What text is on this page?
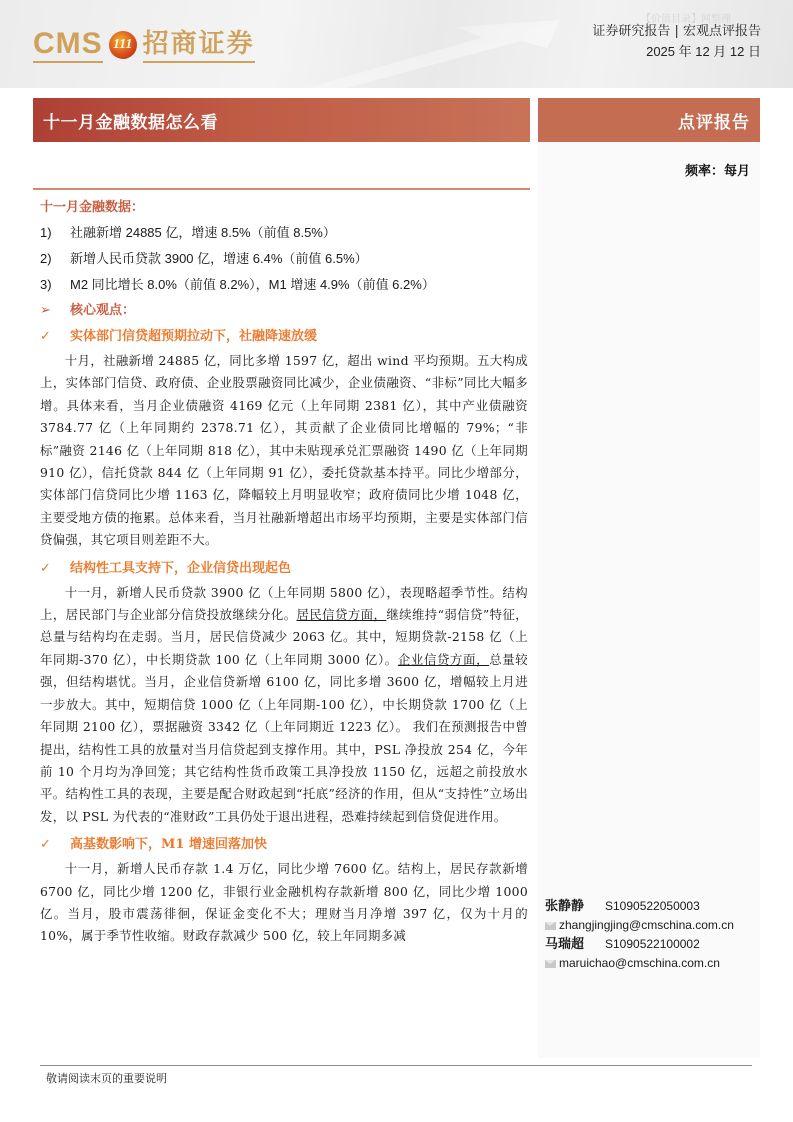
CMS 111 招商证券
【价值目录】网整理
证券研究报告 | 宏观点评报告
2025 年 12 月 12 日
十一月金融数据怎么看	点评报告
频率：每月
十一月金融数据：
1)	社融新增 24885 亿，增速 8.5%（前值 8.5%）
2)	新增人民币贷款 3900 亿，增速 6.4%（前值 6.5%）
3)	M2 同比增长 8.0%（前值 8.2%），M1 增速 4.9%（前值 6.2%）
➢	核心观点：
✓	实体部门信贷超预期拉动下，社融降速放缓

十月，社融新增 24885 亿，同比多增 1597 亿，超出 wind 平均预期。五大构成上，实体部门信贷、政府债、企业股票融资同比减少，企业债融资、“非标”同比大幅多增。具体来看，当月企业债融资 4169 亿元（上年同期 2381 亿），其中产业债融资 3784.77 亿（上年同期约 2378.71 亿），其贡献了企业债同比增幅的 79%；“非标”融资 2146 亿（上年同期 818 亿），其中未贴现承兑汇票融资 1490 亿（上年同期 910 亿），信托贷款 844 亿（上年同期 91 亿），委托贷款基本持平。同比少增部分，实体部门信贷同比少增 1163 亿，降幅较上月明显收窄；政府债同比少增 1048 亿，主要受地方债的拖累。总体来看，当月社融新增超出市场平均预期，主要是实体部门信贷偏强，其它项目则差距不大。

✓	结构性工具支持下，企业信贷出现起色

十一月，新增人民币贷款 3900 亿（上年同期 5800 亿），表现略超季节性。结构上，居民部门与企业部分信贷投放继续分化。居民信贷方面，继续维持“弱信贷”特征，总量与结构均在走弱。当月，居民信贷减少 2063 亿。其中，短期贷款-2158 亿（上年同期-370 亿），中长期贷款 100 亿（上年同期 3000 亿）。企业信贷方面，总量较强，但结构堪忧。当月，企业信贷新增 6100 亿，同比多增 3600 亿，增幅较上月进一步放大。其中，短期信贷 1000 亿（上年同期-100 亿），中长期贷款 1700 亿（上年同期 2100 亿），票据融资 3342 亿（上年同期近 1223 亿）。 我们在预测报告中曾提出，结构性工具的放量对当月信贷起到支撑作用。其中，PSL 净投放 254 亿，今年前 10 个月均为净回笼；其它结构性货币政策工具净投放 1150 亿，远超之前投放水平。结构性工具的表现，主要是配合财政起到“托底”经济的作用，但从“支持性”立场出发，以 PSL 为代表的“准财政”工具仍处于退出进程，恐难持续起到信贷促进作用。

✓	高基数影响下，M1 增速回落加快

十一月，新增人民币存款 1.4 万亿，同比少增 7600 亿。结构上，居民存款新增 6700 亿，同比少增 1200 亿，非银行业金融机构存款新增 800 亿，同比少增 1000 亿。当月，股市震荡徘徊，保证金变化不大；理财当月净增 397 亿，仅为十月的 10%，属于季节性收缩。财政存款减少 500 亿，较上年同期多减

张静静	S1090522050003
zhangjingjing@cmschina.com.cn
马瑞超	S1090522100002
maruichao@cmschina.com.cn
敬请阅读末页的重要说明
